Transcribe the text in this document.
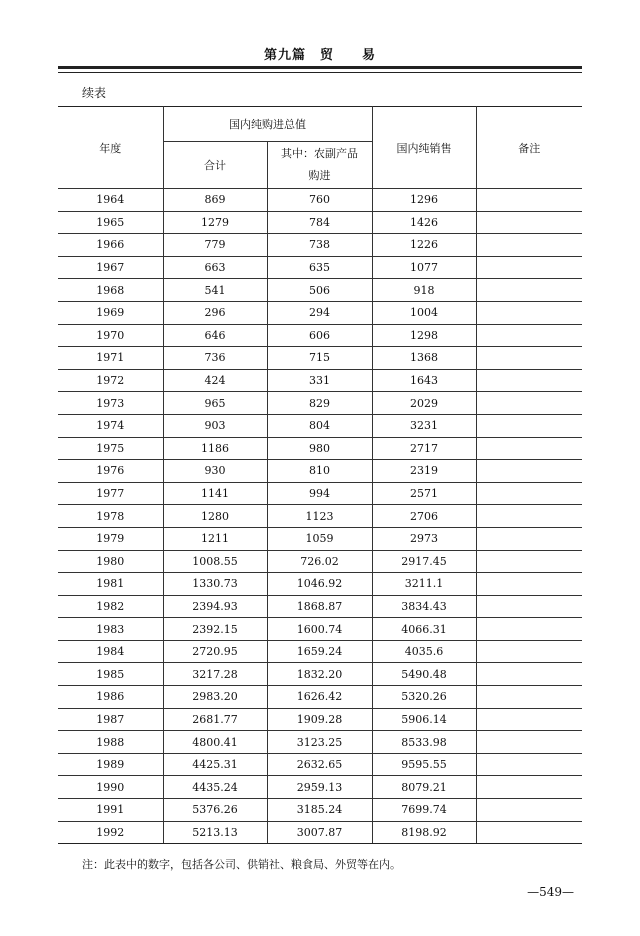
第九篇　贸　　易
续表
年度	国内纯购进总值		国内纯销售	备注
	合计	其中：农副产品
购进		

1964	869	760	1296	
1965	1279	784	1426	
1966	779	738	1226	
1967	663	635	1077	
1968	541	506	918	
1969	296	294	1004	
1970	646	606	1298	
1971	736	715	1368	
1972	424	331	1643	
1973	965	829	2029	
1974	903	804	3231	
1975	1186	980	2717	
1976	930	810	2319	
1977	1141	994	2571	
1978	1280	1123	2706	
1979	1211	1059	2973	
1980	1008.55	726.02	2917.45	
1981	1330.73	1046.92	3211.1	
1982	2394.93	1868.87	3834.43	
1983	2392.15	1600.74	4066.31	
1984	2720.95	1659.24	4035.6	
1985	3217.28	1832.20	5490.48	
1986	2983.20	1626.42	5320.26	
1987	2681.77	1909.28	5906.14	
1988	4800.41	3123.25	8533.98	
1989	4425.31	2632.65	9595.55	
1990	4435.24	2959.13	8079.21	
1991	5376.26	3185.24	7699.74	
1992	5213.13	3007.87	8198.92	
注：此表中的数字，包括各公司、供销社、粮食局、外贸等在内。
—549—
